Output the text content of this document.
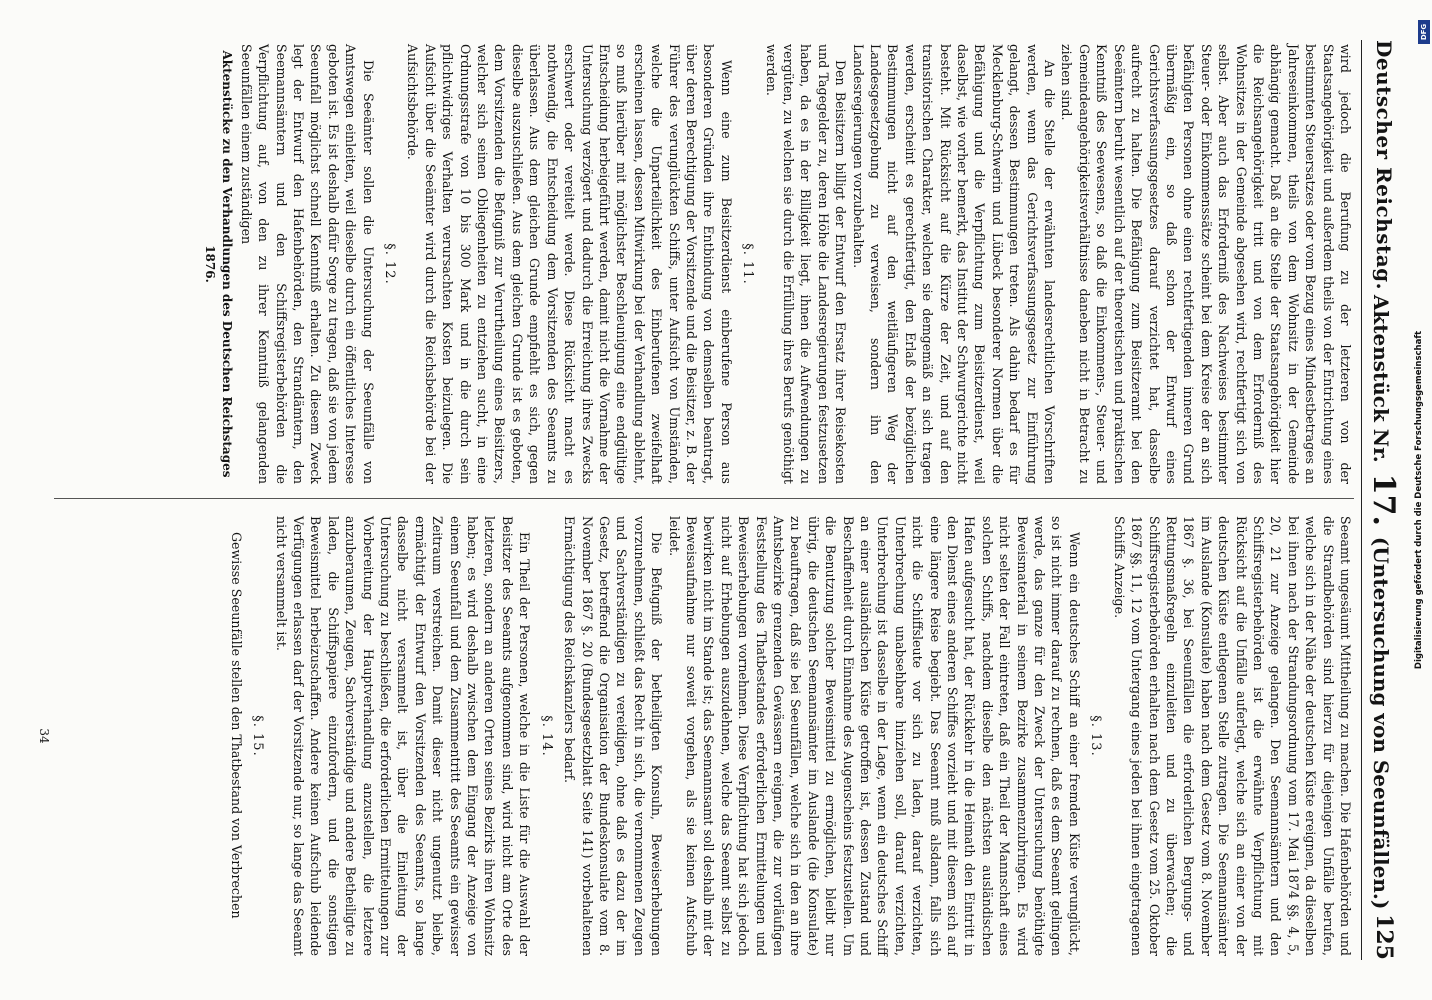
Deutscher Reichstag.
Aktenstück Nr. 17. (Untersuchung von Seeunfällen.)
125

wird jedoch die Berufung zu der letzteren von der Staatsangehörigkeit und außerdem theils von der Entrichtung eines bestimmten Steuersatzes oder vom Bezug eines Mindestbetrages an Jahreseinkommen, theils von dem Wohnsitz in der Gemeinde abhängig gemacht. Daß an die Stelle der Staatsangehörigkeit hier die Reichsangehörigkeit tritt und von dem Erforderniß des Wohnsitzes in der Gemeinde abgesehen wird, rechtfertigt sich von selbst. Aber auch das Erforderniß des Nachweises bestimmter Steuer- oder Einkommenssätze scheint bei dem Kreise der an sich befähigten Personen ohne einen rechtfertigenden inneren Grund übermäßig ein, so daß schon der Entwurf eines Gerichtsverfassungsgesetzes darauf verzichtet hat, dasselbe aufrecht zu halten. Die Befähigung zum Beisitzeramt bei den Seeämtern beruht wesentlich auf der theoretischen und praktischen Kenntniß des Seewesens, so daß die Einkommens-, Steuer- und Gemeindeangehörigkeitsverhältnisse daneben nicht in Betracht zu ziehen sind.

An die Stelle der erwähnten landesrechtlichen Vorschriften werden, wenn das Gerichtsverfassungsgesetz zur Einführung gelangt, dessen Bestimmungen treten. Als dahin bedarf es für Mecklenburg-Schwerin und Lübeck besonderer Normen über die Befähigung und die Verpflichtung zum Beisitzerdienst, weil daselbst, wie vorher bemerkt, das Institut der Schwurgerichte nicht besteht. Mit Rücksicht auf die Kürze der Zeit, und auf den transitorischen Charakter, welchen sie demgemäß an sich tragen werden, erscheint es gerechtfertigt, den Erlaß der bezüglichen Bestimmungen nicht auf den weitläufigeren Weg der Landesgesetzgebung zu verweisen, sondern ihn den Landesregierungen vorzubehalten.

Den Beisitzern billigt der Entwurf den Ersatz ihrer Reisekosten und Tagegelder zu, deren Höhe die Landesregierungen festzusetzen haben, da es in der Billigkeit liegt, ihnen die Aufwendungen zu vergüten, zu welchen sie durch die Erfüllung ihres Berufs genöthigt werden.

§. 11.

Wenn eine zum Beisitzerdienst einberufene Person aus besonderen Gründen ihre Entbindung von demselben beantragt, über deren Berechtigung der Vorsitzende und die Beisitzer, z. B. der Führer des verunglückten Schiffs, unter Aufsicht von Umständen, welche die Unparteilichkeit des Einberufenen zweifelhaft erscheinen lassen, dessen Mitwirkung bei der Verhandlung ablehnt, so muß hierüber mit möglichster Beschleunigung eine endgültige Entscheidung herbeigeführt werden, damit nicht die Vornahme der Untersuchung verzögert und dadurch die Erreichung ihres Zwecks erschwert oder vereitelt werde. Diese Rücksicht macht es nothwendig, die Entscheidung dem Vorsitzenden des Seeamts zu überlassen. Aus dem gleichen Grunde empfiehlt es sich, gegen dieselbe auszuschließen. Aus dem gleichen Grunde ist es geboten, dem Vorsitzenden die Befugniß zur Verurtheilung eines Beisitzers, welcher sich seinen Obliegenheiten zu entziehen sucht, in eine Ordnungsstrafe von 10 bis 300 Mark und in die durch sein pflichtwidriges Verhalten verursachten Kosten beizulegen. Die Aufsicht über die Seeämter wird durch die Reichsbehörde bei der Aufsichtsbehörde.

§. 12.

Die Seeämter sollen die Untersuchung der Seeunfälle von Amtswegen einleiten, weil dieselbe durch ein öffentliches Interesse geboten ist. Es ist deshalb dafür Sorge zu tragen, daß sie von jedem Seeunfall möglichst schnell Kenntniß erhalten. Zu diesem Zweck legt der Entwurf den Hafenbehörden, den Strandämtern, den Seemannsämtern und den Schiffsregisterbehörden die Verpflichtung auf, von den zu ihrer Kenntniß gelangenden Seeunfällen einem zuständigen

Aktenstücke zu den Verhandlungen des Deutschen Reichstages 1876.

Seeamt ungesäumt Mittheilung zu machen. Die Hafenbehörden und die Strandbehörden sind hierzu für diejenigen Unfälle berufen, welche sich in der Nähe der deutschen Küste ereignen, da dieselben bei ihnen nach der Strandungsordnung vom 17. Mai 1874 §§. 4, 5, 20, 21 zur Anzeige gelangen. Den Seemannsämtern und den Schiffsregisterbehörden ist die erwähnte Verpflichtung mit Rücksicht auf die Unfälle auferlegt, welche sich an einer von der deutschen Küste entlegenen Stelle zutragen. Die Seemannsämter im Auslande (Konsulate) haben nach dem Gesetz vom 8. November 1867 §. 36, bei Seeunfällen die erforderlichen Bergungs- und Rettungsmaßregeln einzuleiten und zu überwachen; die Schiffsregisterbehörden erhalten nach dem Gesetz vom 25. Oktober 1867 §§. 11, 12 vom Untergang eines jeden bei ihnen eingetragenen Schiffs Anzeige.

§. 13.

Wenn ein deutsches Schiff an einer fremden Küste verunglückt, so ist nicht immer darauf zu rechnen, daß es dem Seeamt gelingen werde, das ganze für den Zweck der Untersuchung benöthigte Beweismaterial in seinem Bezirke zusammenzubringen. Es wird nicht selten der Fall eintreten, daß ein Theil der Mannschaft eines solchen Schiffs, nachdem dieselbe den nächsten ausländischen Hafen aufgesucht hat, der Rückkehr in die Heimath den Eintritt in den Dienst eines anderen Schiffes vorzieht und mit diesem sich auf eine längere Reise begiebt. Das Seeamt muß alsdann, falls sich nicht die Schiffsleute vor sich zu laden, darauf verzichten, Unterbrechung unabsehbare hinziehen soll, darauf verzichten, Unterbrechung ist dasselbe in der Lage, wenn ein deutsches Schiff an einer ausländischen Küste getroffen ist, dessen Zustand und Beschaffenheit durch Einnahme des Augenscheins festzustellen. Um die Benutzung solcher Beweismittel zu ermöglichen, bleibt nur übrig, die deutschen Seemannsämter im Auslande (die Konsulate) zu beauftragen, daß sie bei Seeunfällen, welche sich in den an ihre Amtsbezirke grenzenden Gewässern ereignen, die zur vorläufigen Feststellung des Thatbestandes erforderlichen Ermittelungen und Beweiserhebungen vornehmen. Diese Verpflichtung hat sich jedoch nicht auf Erhebungen auszudehnen, welche das Seeamt selbst zu bewirken nicht im Stande ist; das Seemannsamt soll deshalb mit der Beweisaufnahme nur soweit vorgehen, als sie keinen Aufschub leidet.

Die Befugniß der betheiligten Konsuln, Beweiserhebungen vorzunehmen, schließt das Recht in sich, die vernommenen Zeugen und Sachverständigen zu vereidigen, ohne daß es dazu der im Gesetz, betreffend die Organisation der Bundeskonsulate vom 8. November 1867 §. 20 (Bundesgesetzblatt Seite 141) vorbehaltenen Ermächtigung des Reichskanzlers bedarf.

§. 14.

Ein Theil der Personen, welche in die Liste für die Auswahl der Beisitzer des Seeamts aufgenommen sind, wird nicht am Orte des letzteren, sondern an anderen Orten seines Bezirks ihren Wohnsitz haben; es wird deshalb zwischen dem Eingang der Anzeige von einem Seeunfall und dem Zusammentritt des Seeamts ein gewisser Zeitraum verstreichen. Damit dieser nicht ungenutzt bleibe, ermächtigt der Entwurf den Vorsitzenden des Seeamts, so lange dasselbe nicht versammelt ist, über die Einleitung der Untersuchung zu beschließen, die erforderlichen Ermittelungen zur Vorbereitung der Hauptverhandlung anzustellen, die letztere anzuberaumen, Zeugen, Sachverständige und andere Betheiligte zu laden, die Schiffspapiere einzufordern, und die sonstigen Beweismittel herbeizuschaffen. Andere keinen Aufschub leidende Verfügungen erlassen darf der Vorsitzende nur, so lange das Seeamt nicht versammelt ist.

§. 15.

Gewisse Seeunfälle stellen den Thatbestand von Verbrechen

34
Digitalisierung gefördert durch die Deutsche Forschungsgemeinschaft
DFG
